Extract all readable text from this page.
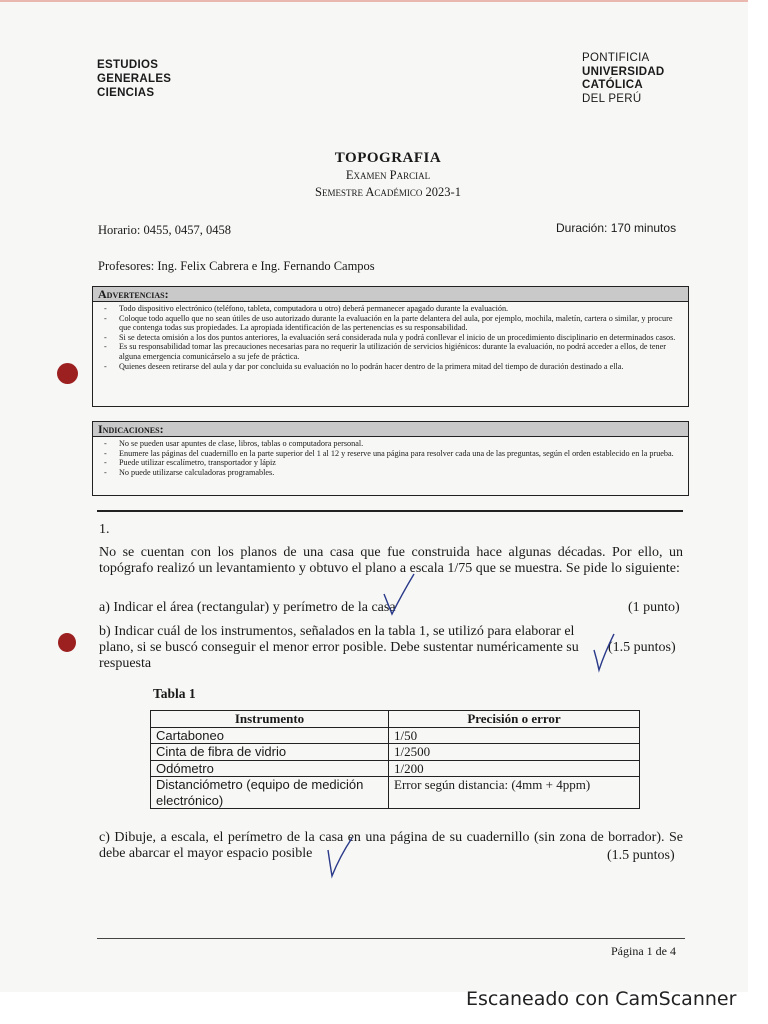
ESTUDIOS
GENERALES
CIENCIAS
PONTIFICIA
UNIVERSIDAD
CATÓLICA
DEL PERÚ
TOPOGRAFIA
Examen Parcial
Semestre Académico 2023-1
Horario: 0455, 0457, 0458	Duración: 170 minutos
Profesores: Ing. Felix Cabrera e Ing. Fernando Campos
Advertencias:
- Todo dispositivo electrónico (teléfono, tableta, computadora u otro) deberá permanecer apagado durante la evaluación.
- Coloque todo aquello que no sean útiles de uso autorizado durante la evaluación en la parte delantera del aula, por ejemplo, mochila, maletín, cartera o similar, y procure que contenga todas sus propiedades. La apropiada identificación de las pertenencias es su responsabilidad.
- Si se detecta omisión a los dos puntos anteriores, la evaluación será considerada nula y podrá conllevar el inicio de un procedimiento disciplinario en determinados casos.
- Es su responsabilidad tomar las precauciones necesarias para no requerir la utilización de servicios higiénicos: durante la evaluación, no podrá acceder a ellos, de tener alguna emergencia comunicárselo a su jefe de práctica.
- Quienes deseen retirarse del aula y dar por concluida su evaluación no lo podrán hacer dentro de la primera mitad del tiempo de duración destinado a ella.
Indicaciones:
- No se pueden usar apuntes de clase, libros, tablas o computadora personal.
- Enumere las páginas del cuadernillo en la parte superior del 1 al 12 y reserve una página para resolver cada una de las preguntas, según el orden establecido en la prueba.
- Puede utilizar escalímetro, transportador y lápiz
- No puede utilizarse calculadoras programables.
1.
No se cuentan con los planos de una casa que fue construida hace algunas décadas. Por ello, un topógrafo realizó un levantamiento y obtuvo el plano a escala 1/75 que se muestra. Se pide lo siguiente:
a) Indicar el área (rectangular) y perímetro de la casa	(1 punto)
b) Indicar cuál de los instrumentos, señalados en la tabla 1, se utilizó para elaborar el plano, si se buscó conseguir el menor error posible. Debe sustentar numéricamente su respuesta
(1.5 puntos)
Tabla 1
Instrumento	Precisión o error
Cartaboneo	1/50
Cinta de fibra de vidrio	1/2500
Odómetro	1/200
Distanciómetro (equipo de medición electrónico)	Error según distancia: (4mm + 4ppm)
c) Dibuje, a escala, el perímetro de la casa en una página de su cuadernillo (sin zona de borrador). Se debe abarcar el mayor espacio posible	(1.5 puntos)
Página 1 de 4
Escaneado con CamScanner
